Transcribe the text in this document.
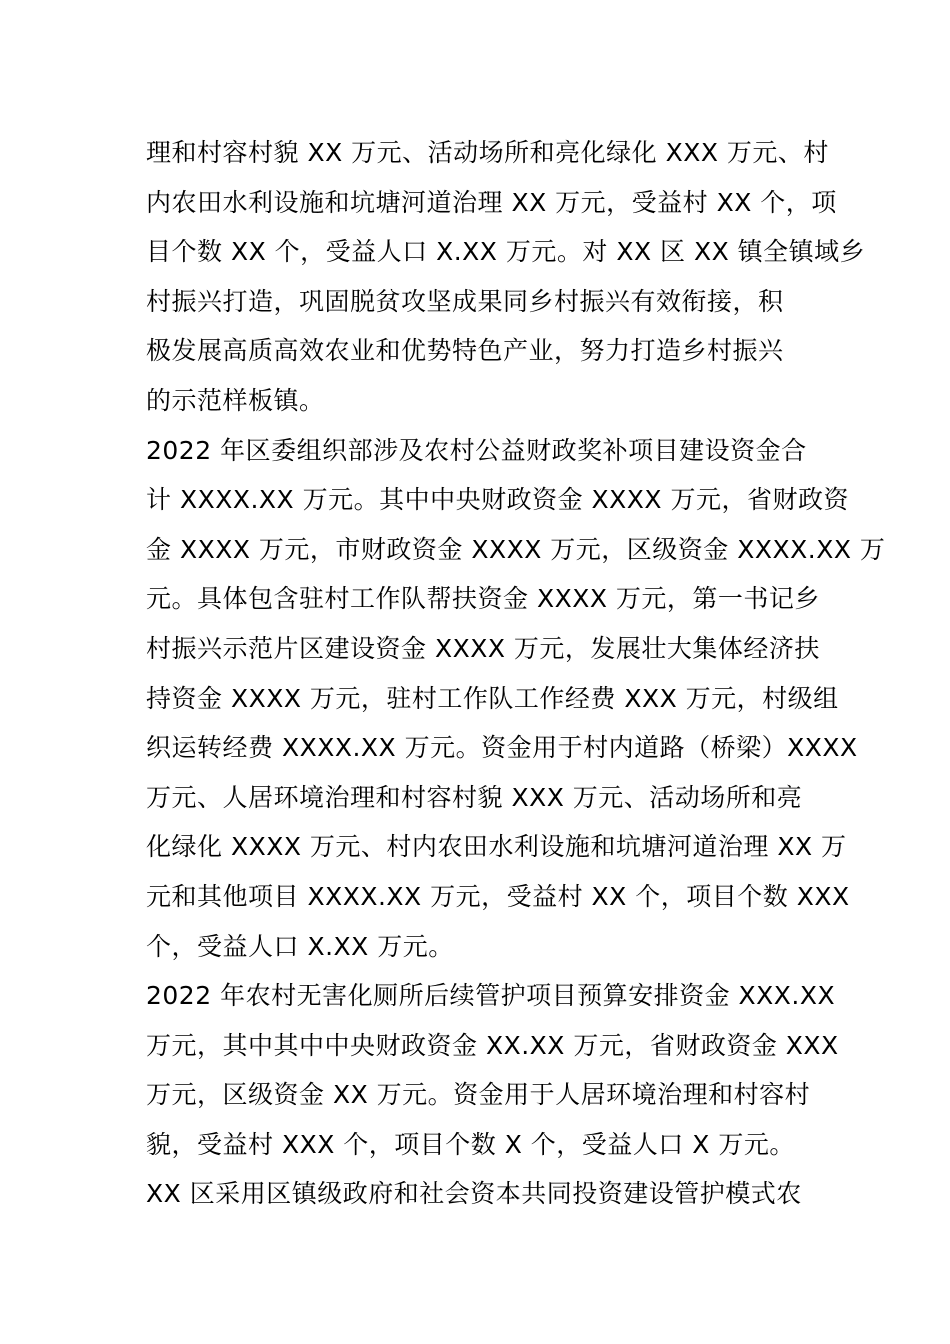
理和村容村貌 XX 万元、活动场所和亮化绿化 XXX 万元、村
内农田水利设施和坑塘河道治理 XX 万元，受益村 XX 个，项
目个数 XX 个，受益人口 X.XX 万元。对 XX 区 XX 镇全镇域乡
村振兴打造，巩固脱贫攻坚成果同乡村振兴有效衔接，积
极发展高质高效农业和优势特色产业，努力打造乡村振兴
的示范样板镇。
2022 年区委组织部涉及农村公益财政奖补项目建设资金合
计 XXXX.XX 万元。其中中央财政资金 XXXX 万元，省财政资
金 XXXX 万元，市财政资金 XXXX 万元，区级资金 XXXX.XX 万
元。具体包含驻村工作队帮扶资金 XXXX 万元，第一书记乡
村振兴示范片区建设资金 XXXX 万元，发展壮大集体经济扶
持资金 XXXX 万元，驻村工作队工作经费 XXX 万元，村级组
织运转经费 XXXX.XX 万元。资金用于村内道路（桥梁）XXXX
万元、人居环境治理和村容村貌 XXX 万元、活动场所和亮
化绿化 XXXX 万元、村内农田水利设施和坑塘河道治理 XX 万
元和其他项目 XXXX.XX 万元，受益村 XX 个，项目个数 XXX
个，受益人口 X.XX 万元。
2022 年农村无害化厕所后续管护项目预算安排资金 XXX.XX
万元，其中其中中央财政资金 XX.XX 万元，省财政资金 XXX
万元，区级资金 XX 万元。资金用于人居环境治理和村容村
貌，受益村 XXX 个，项目个数 X 个，受益人口 X 万元。
XX 区采用区镇级政府和社会资本共同投资建设管护模式农
